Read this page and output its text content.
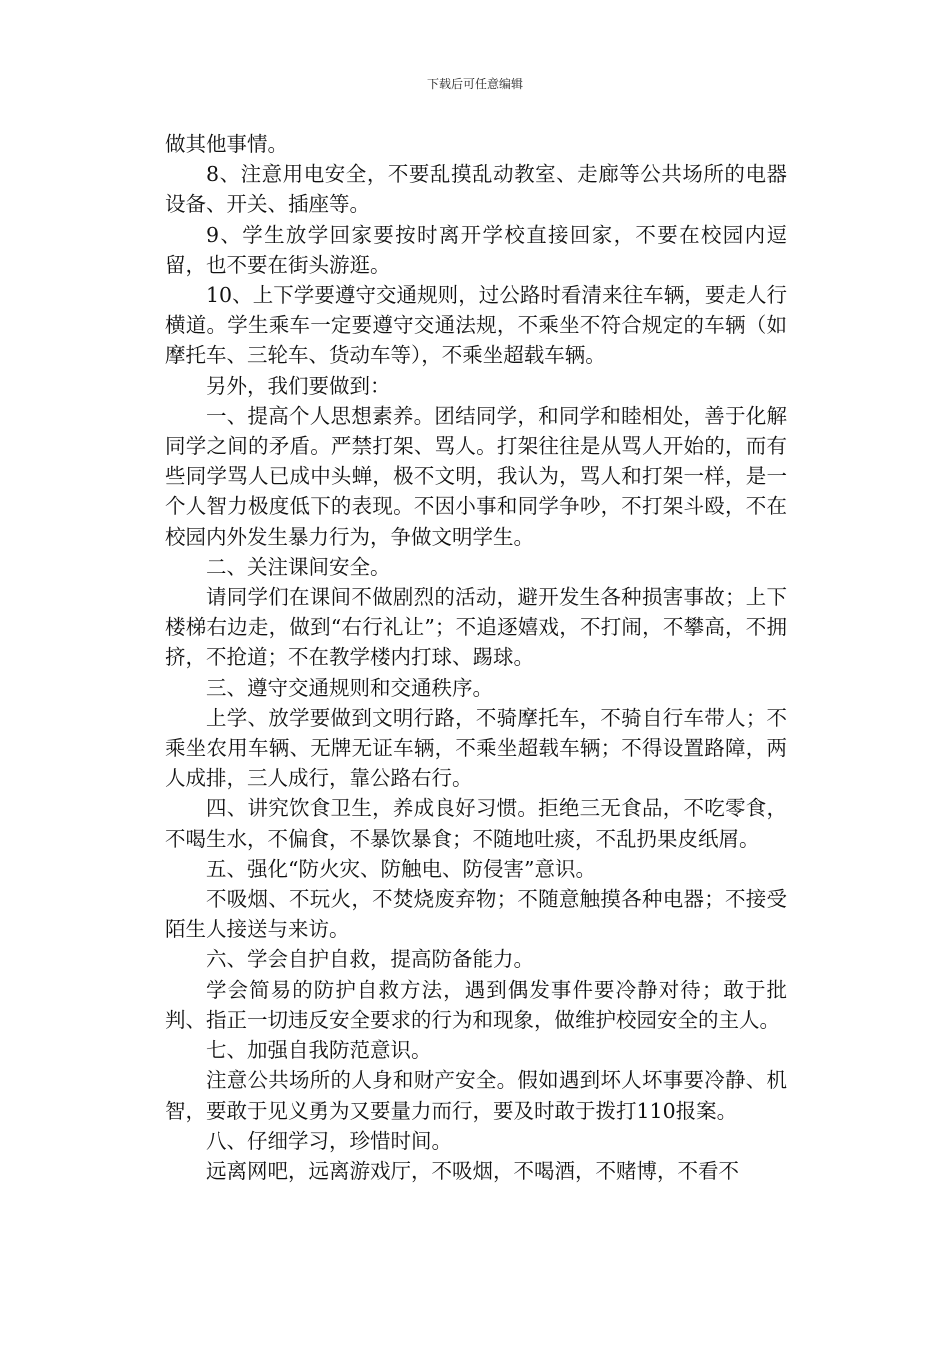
下载后可任意编辑

做其他事情。

8、注意用电安全，不要乱摸乱动教室、走廊等公共场所的电器设备、开关、插座等。

9、学生放学回家要按时离开学校直接回家，不要在校园内逗留，也不要在街头游逛。

10、上下学要遵守交通规则，过公路时看清来往车辆，要走人行横道。学生乘车一定要遵守交通法规，不乘坐不符合规定的车辆（如摩托车、三轮车、货动车等），不乘坐超载车辆。

另外，我们要做到：

一、提高个人思想素养。团结同学，和同学和睦相处，善于化解同学之间的矛盾。严禁打架、骂人。打架往往是从骂人开始的，而有些同学骂人已成中头蝉，极不文明，我认为，骂人和打架一样，是一个人智力极度低下的表现。不因小事和同学争吵，不打架斗殴，不在校园内外发生暴力行为，争做文明学生。

二、关注课间安全。

请同学们在课间不做剧烈的活动，避开发生各种损害事故；上下楼梯右边走，做到“右行礼让”；不追逐嬉戏，不打闹，不攀高，不拥挤，不抢道；不在教学楼内打球、踢球。

三、遵守交通规则和交通秩序。

上学、放学要做到文明行路，不骑摩托车，不骑自行车带人；不乘坐农用车辆、无牌无证车辆，不乘坐超载车辆；不得设置路障，两人成排，三人成行，靠公路右行。

四、讲究饮食卫生，养成良好习惯。拒绝三无食品，不吃零食，不喝生水，不偏食，不暴饮暴食；不随地吐痰，不乱扔果皮纸屑。

五、强化“防火灾、防触电、防侵害”意识。

不吸烟、不玩火，不焚烧废弃物；不随意触摸各种电器；不接受陌生人接送与来访。

六、学会自护自救，提高防备能力。

学会简易的防护自救方法，遇到偶发事件要冷静对待；敢于批判、指正一切违反安全要求的行为和现象，做维护校园安全的主人。

七、加强自我防范意识。

注意公共场所的人身和财产安全。假如遇到坏人坏事要冷静、机智，要敢于见义勇为又要量力而行，要及时敢于拨打110报案。

八、仔细学习，珍惜时间。

远离网吧，远离游戏厅，不吸烟，不喝酒，不赌博，不看不
